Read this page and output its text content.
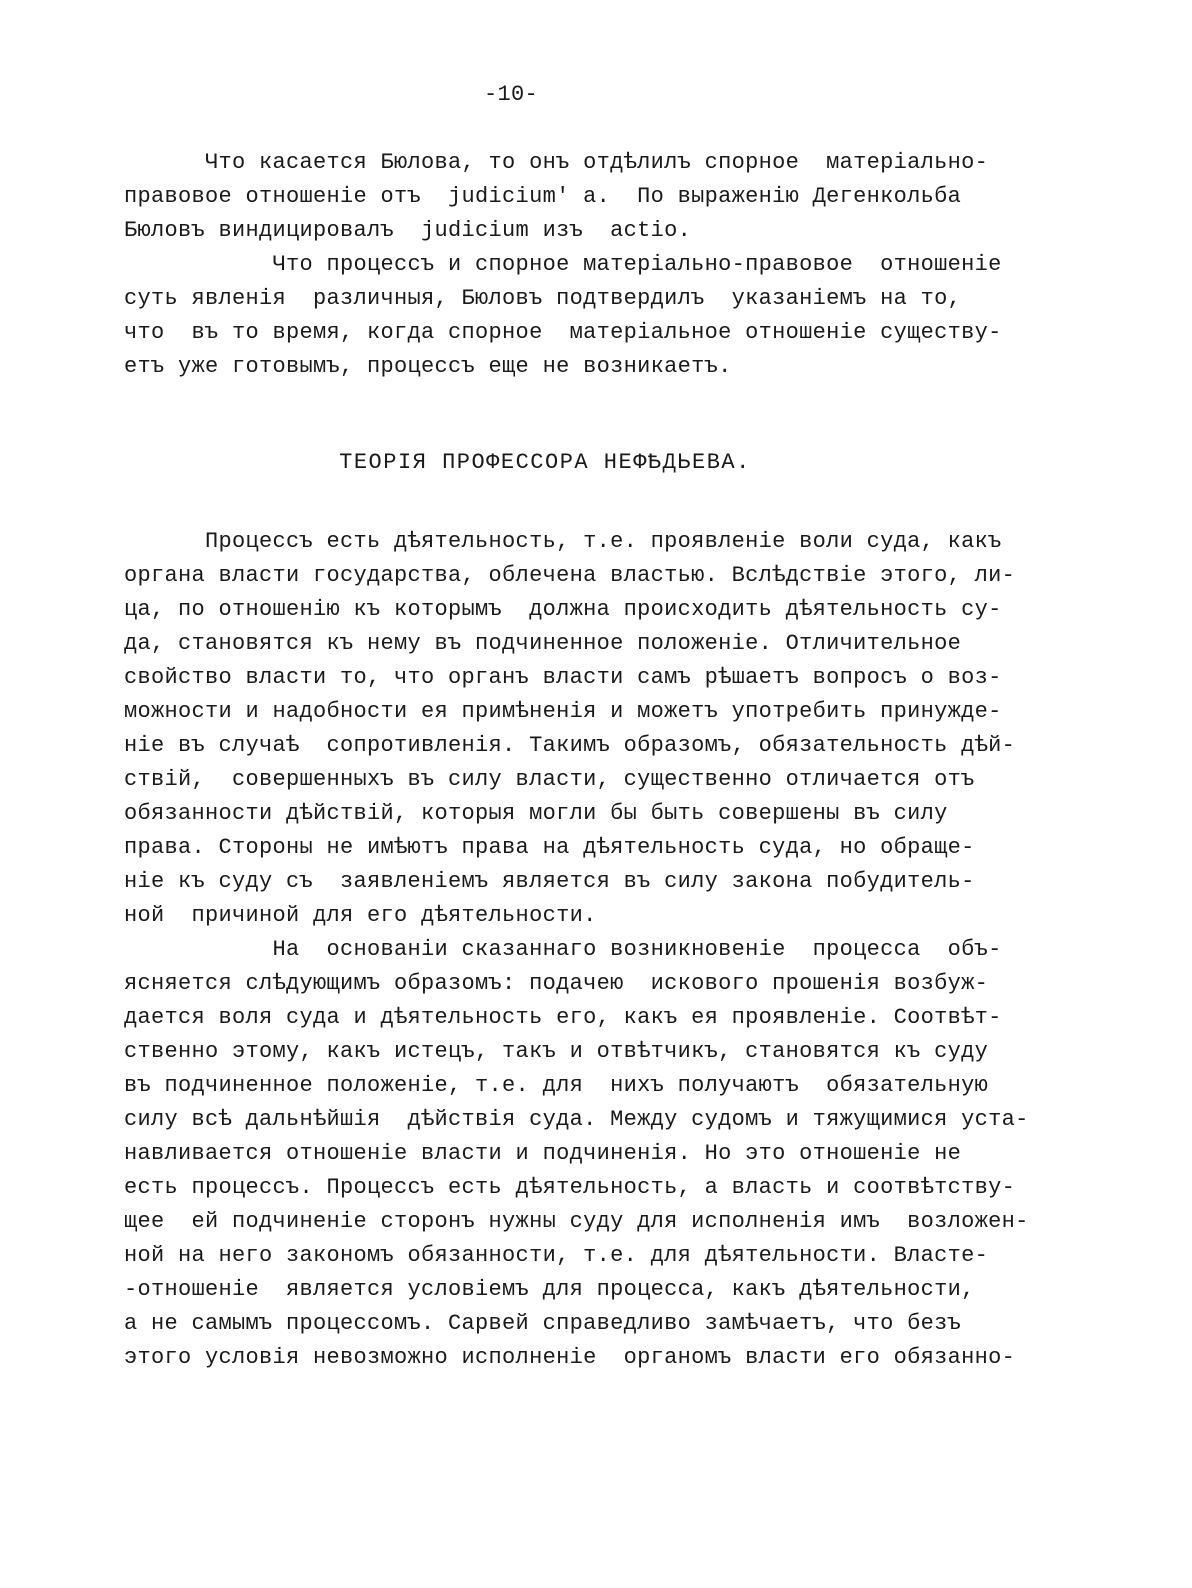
-10-
Что касается Бюлова, то онъ отдѣлилъ спорное  матеріально-
правовое отношеніе отъ  judicium' а.  По выраженію Дегенкольба
Бюловъ виндицировалъ  judicium изъ  actio.
Что процессъ и спорное матеріально-правовое  отношеніе
суть явленія  различныя, Бюловъ подтвердилъ  указаніемъ на то,
что  въ то время, когда спорное  матеріальное отношеніе существу-
етъ уже готовымъ, процессъ еще не возникаетъ.
ТЕОРІЯ ПРОФЕССОРА НЕФѢДЬЕВА.
Процессъ есть дѣятельность, т.е. проявленіе воли суда, какъ
органа власти государства, облечена властью. Вслѣдствіе этого, ли-
ца, по отношенію къ которымъ  должна происходить дѣятельность су-
да, становятся къ нему въ подчиненное положеніе. Отличительное
свойство власти то, что органъ власти самъ рѣшаетъ вопросъ о воз-
можности и надобности ея примѣненія и можетъ употребить принужде-
ніе въ случаѣ  сопротивленія. Такимъ образомъ, обязательность дѣй-
ствій,  совершенныхъ въ силу власти, существенно отличается отъ
обязанности дѣйствій, которыя могли бы быть совершены въ силу
права. Стороны не имѣютъ права на дѣятельность суда, но обраще-
ніе къ суду съ  заявленіемъ является въ силу закона побудитель-
ной  причиной для его дѣятельности.
На  основаніи сказаннаго возникновеніе  процесса  объ-
ясняется слѣдующимъ образомъ: подачею  искового прошенія возбуж-
дается воля суда и дѣятельность его, какъ ея проявленіе. Соотвѣт-
ственно этому, какъ истецъ, такъ и отвѣтчикъ, становятся къ суду
въ подчиненное положеніе, т.е. для  нихъ получаютъ  обязательную
силу всѣ дальнѣйшія  дѣйствія суда. Между судомъ и тяжущимися уста-
навливается отношеніе власти и подчиненія. Но это отношеніе не
есть процессъ. Процессъ есть дѣятельность, а власть и соотвѣтству-
щее  ей подчиненіе сторонъ нужны суду для исполненія имъ  возложен-
ной на него закономъ обязанности, т.е. для дѣятельности. Власте-
-отношеніе  является условіемъ для процесса, какъ дѣятельности,
а не самымъ процессомъ. Сарвей справедливо замѣчаетъ, что безъ
этого условія невозможно исполненіе  органомъ власти его обязанно-
